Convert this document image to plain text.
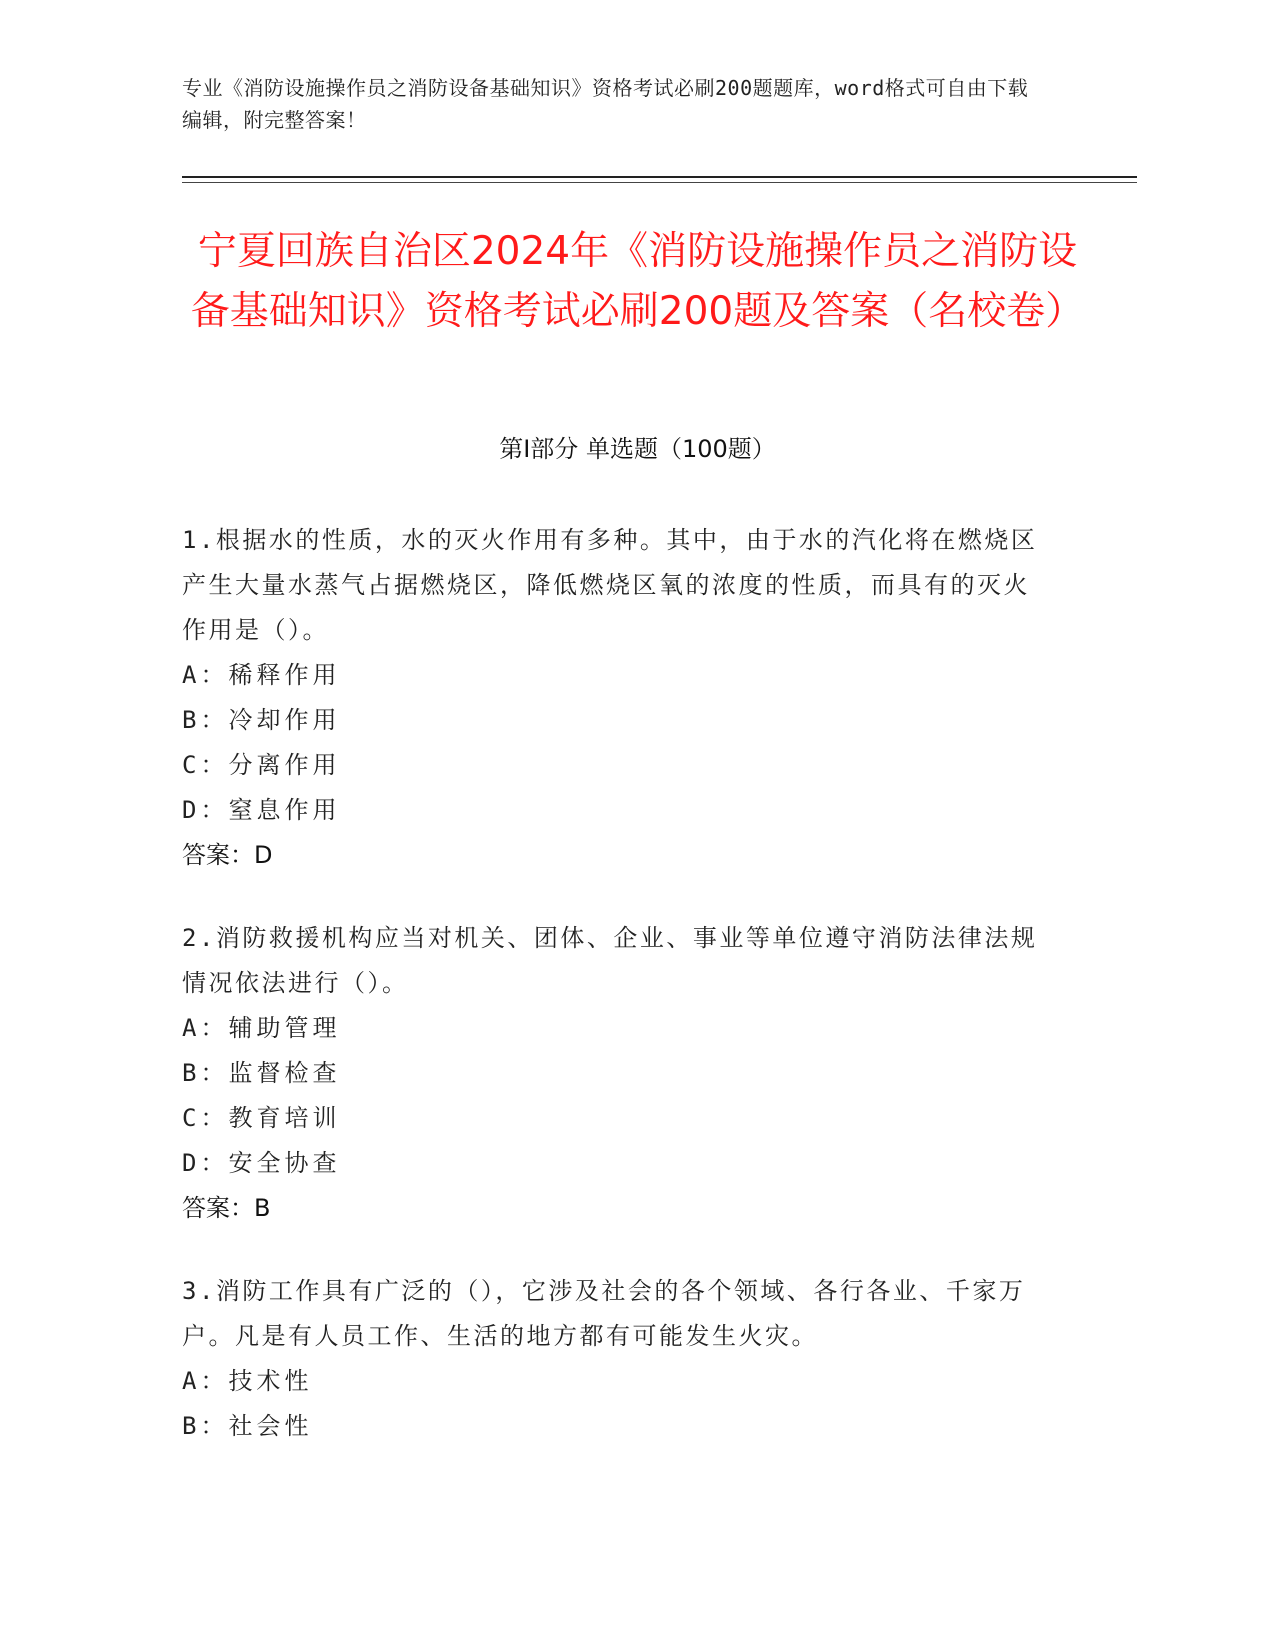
专业《消防设施操作员之消防设备基础知识》资格考试必刷200题题库，word格式可自由下载编辑，附完整答案！
宁夏回族自治区2024年《消防设施操作员之消防设备基础知识》资格考试必刷200题及答案（名校卷）
第Ⅰ部分 单选题（100题）
1.根据水的性质，水的灭火作用有多种。其中，由于水的汽化将在燃烧区产生大量水蒸气占据燃烧区，降低燃烧区氧的浓度的性质，而具有的灭火作用是（）。
A：稀释作用
B：冷却作用
C：分离作用
D：窒息作用
答案：D
2.消防救援机构应当对机关、团体、企业、事业等单位遵守消防法律法规情况依法进行（）。
A：辅助管理
B：监督检查
C：教育培训
D：安全协查
答案：B
3.消防工作具有广泛的（），它涉及社会的各个领域、各行各业、千家万户。凡是有人员工作、生活的地方都有可能发生火灾。
A：技术性
B：社会性
